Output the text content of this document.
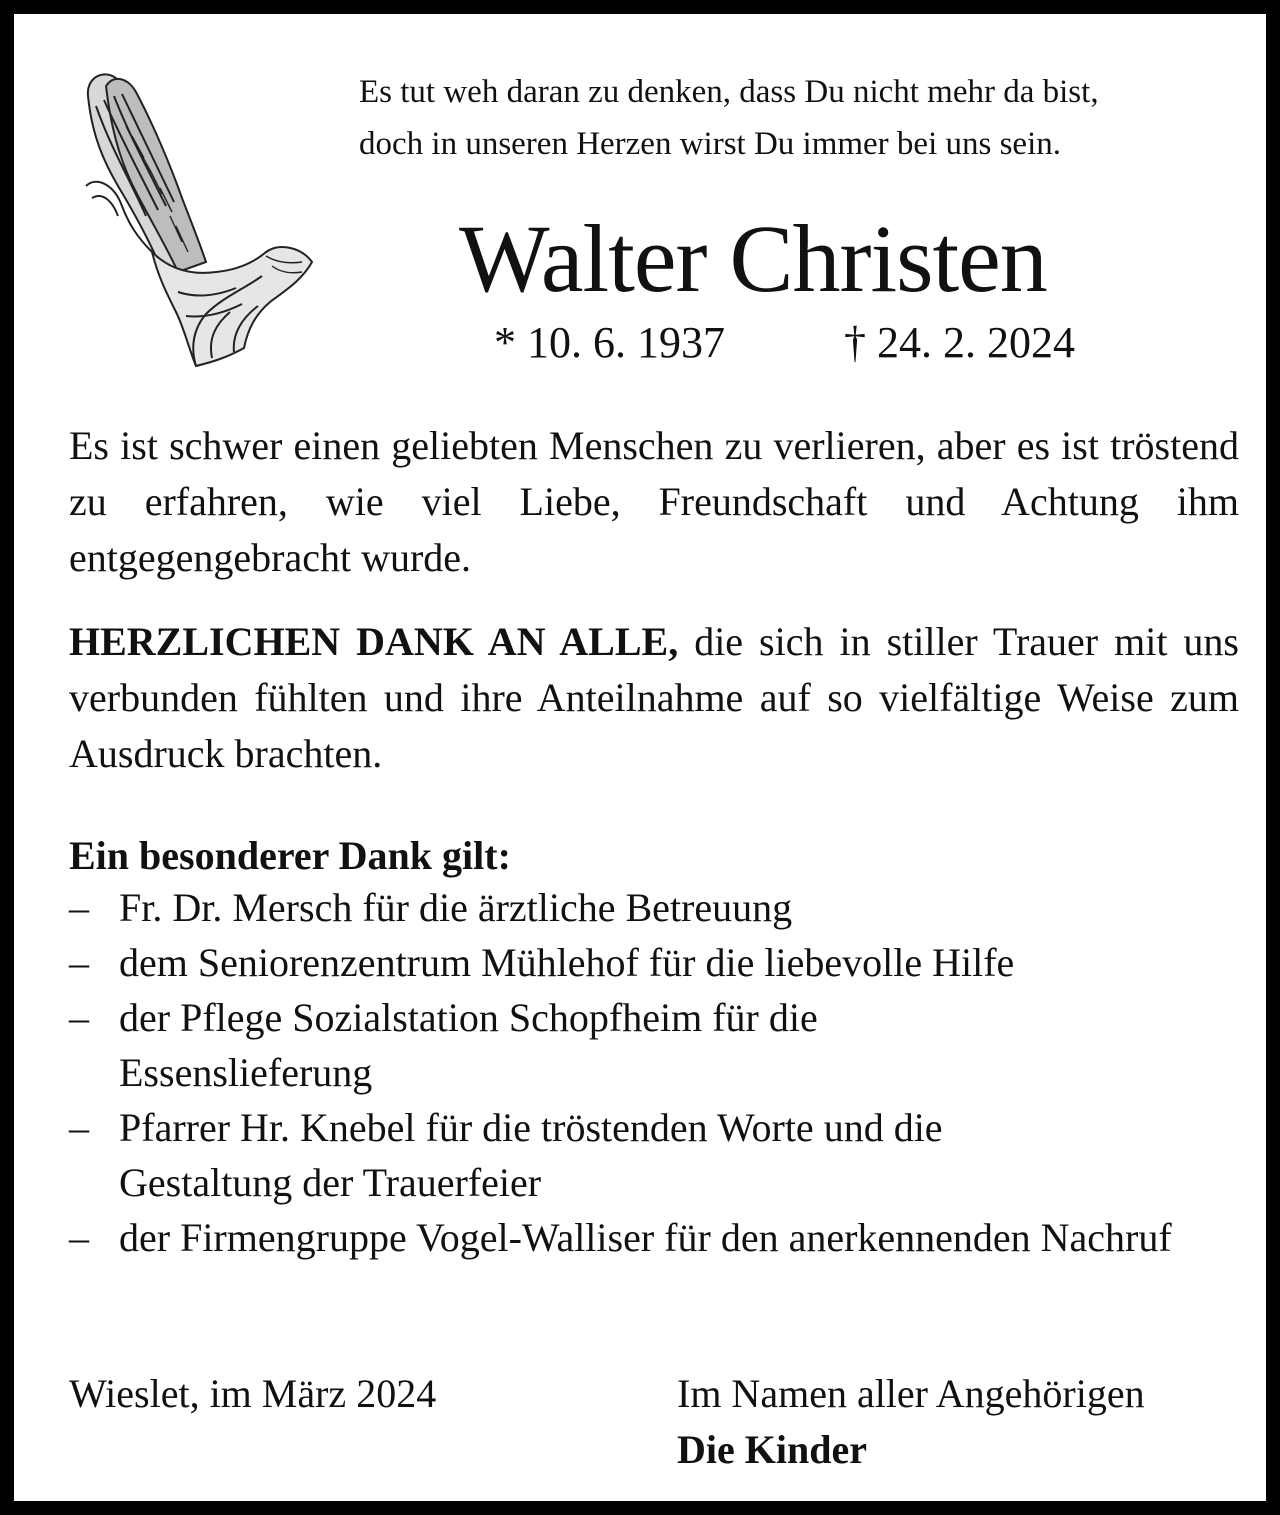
Es tut weh daran zu denken, dass Du nicht mehr da bist,
doch in unseren Herzen wirst Du immer bei uns sein.
Walter Christen
* 10. 6. 1937	† 24. 2. 2024
Es ist schwer einen geliebten Menschen zu verlieren, aber es ist tröstend zu erfahren, wie viel Liebe, Freundschaft und Achtung ihm entgegengebracht wurde.
HERZLICHEN DANK AN ALLE, die sich in stiller Trauer mit uns verbunden fühlten und ihre Anteilnahme auf so vielfältige Weise zum Ausdruck brachten.
Ein besonderer Dank gilt:
– Fr. Dr. Mersch für die ärztliche Betreuung
– dem Seniorenzentrum Mühlehof für die liebevolle Hilfe
– der Pflege Sozialstation Schopfheim für die Essenslieferung
– Pfarrer Hr. Knebel für die tröstenden Worte und die Gestaltung der Trauerfeier
– der Firmengruppe Vogel-Walliser für den anerkennenden Nachruf
Wieslet, im März 2024	Im Namen aller Angehörigen
Die Kinder
